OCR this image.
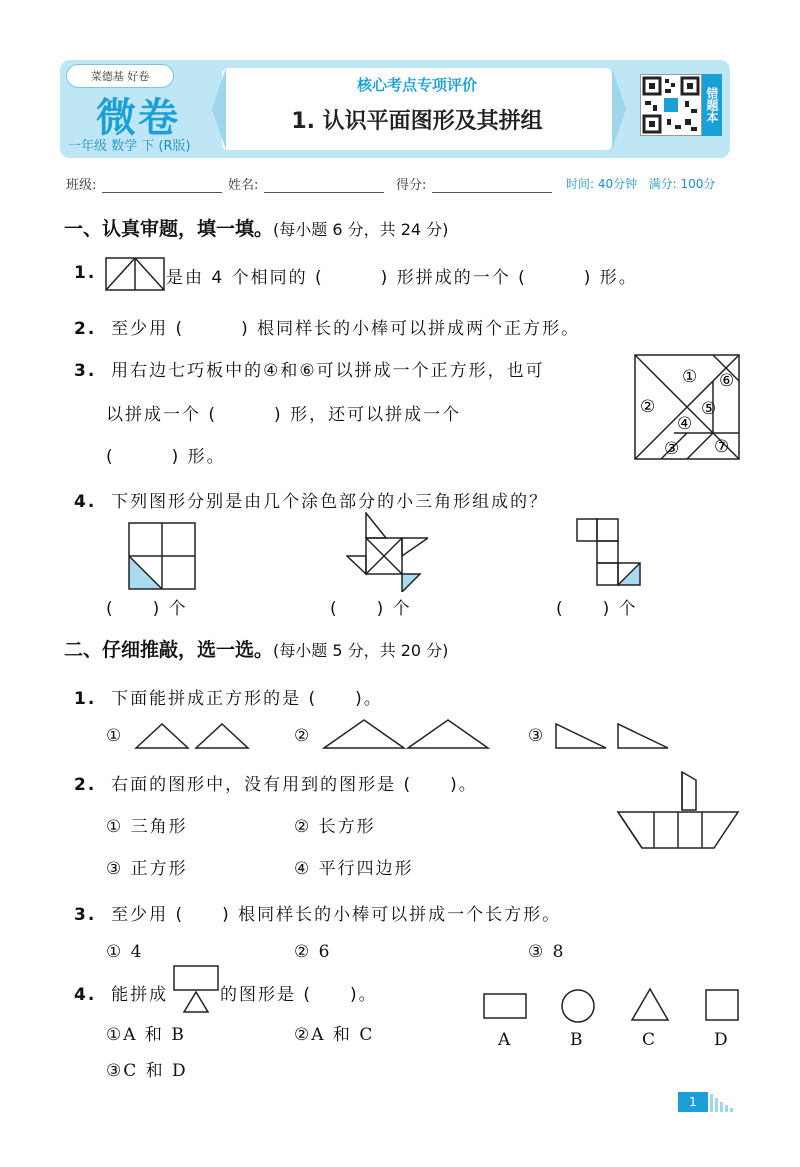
菜德基 好卷
微卷
一年级 数学 下 (R版)
核心考点专项评价
1. 认识平面图形及其拼组	错题本
班级:	姓名:	得分:	时间: 40分钟 满分: 100分
一、认真审题，填一填。(每小题 6 分，共 24 分)
1.	是由 4 个相同的 (　　　) 形拼成的一个 (　　　) 形。
2. 至少用 (　　　) 根同样长的小棒可以拼成两个正方形。
3. 用右边七巧板中的④和⑥可以拼成一个正方形，也可
以拼成一个 (　　　) 形，还可以拼成一个
(　　　) 形。
①
②
③
④
⑤
⑥
⑦
4. 下列图形分别是由几个涂色部分的小三角形组成的？
(　　) 个	(　　) 个	(　　) 个
二、仔细推敲，选一选。(每小题 5 分，共 20 分)
1. 下面能拼成正方形的是 (　　)。
①	②	③
2. 右面的图形中，没有用到的图形是 (　　)。
① 三角形	② 长方形
③ 正方形	④ 平行四边形
3. 至少用 (　　) 根同样长的小棒可以拼成一个长方形。
① 4	② 6	③ 8
4. 能拼成	的图形是 (　　)。
A	B	C	D
①A 和 B	②A 和 C
③C 和 D
1
